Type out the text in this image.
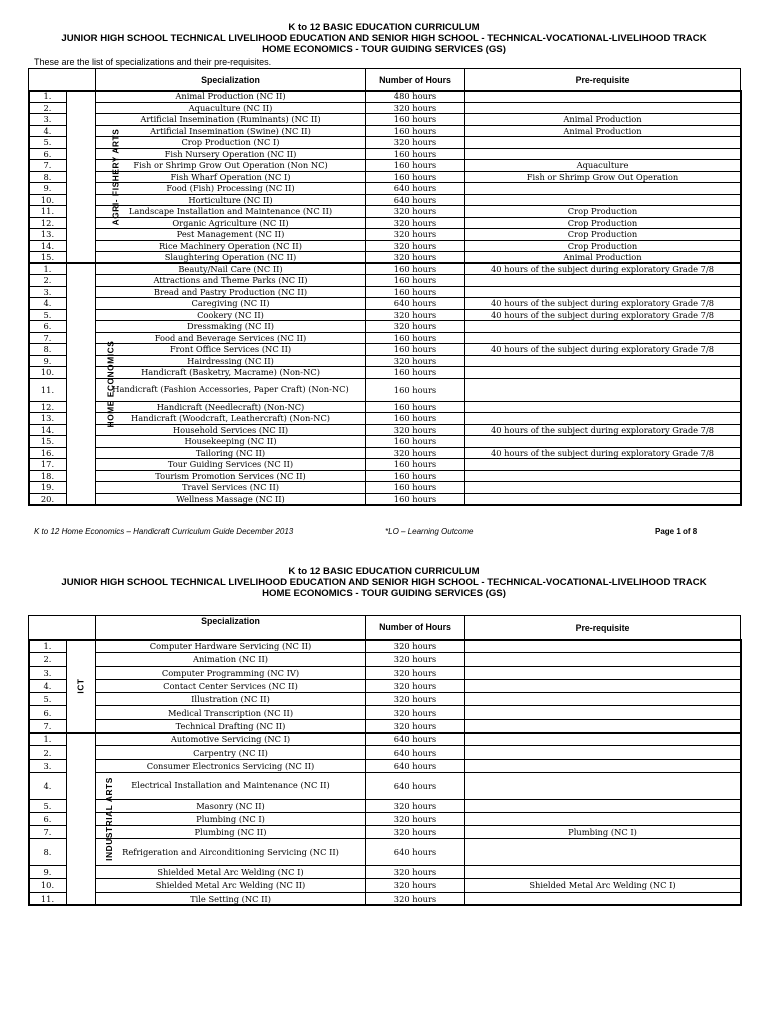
K to 12 BASIC EDUCATION CURRICULUM
JUNIOR HIGH SCHOOL TECHNICAL LIVELIHOOD EDUCATION AND SENIOR HIGH SCHOOL - TECHNICAL-VOCATIONAL-LIVELIHOOD TRACK
HOME ECONOMICS - TOUR GUIDING SERVICES (GS)
These are the list of specializations and their pre-requisites.
		Specialization	Number of Hours	Pre-requisite
1.	AGRI- FISHERY ARTS	Animal Production (NC II)	480 hours	
2.		Aquaculture (NC II)	320 hours	
3.		Artificial Insemination (Ruminants) (NC II)	160 hours	Animal Production
4.		Artificial Insemination (Swine) (NC II)	160 hours	Animal Production
5.		Crop Production (NC I)	320 hours	
6.		Fish Nursery Operation (NC II)	160 hours	
7.		Fish or Shrimp Grow Out Operation (Non NC)	160 hours	Aquaculture
8.		Fish Wharf Operation (NC I)	160 hours	Fish or Shrimp Grow Out Operation
9.		Food (Fish) Processing (NC II)	640 hours	
10.		Horticulture (NC II)	640 hours	
11.		Landscape Installation and Maintenance (NC II)	320 hours	Crop Production
12.		Organic Agriculture (NC II)	320 hours	Crop Production
13.		Pest Management (NC II)	320 hours	Crop Production
14.		Rice Machinery Operation (NC II)	320 hours	Crop Production
15.		Slaughtering Operation (NC II)	320 hours	Animal Production
1.	HOME ECONOMICS	Beauty/Nail Care (NC II)	160 hours	40 hours of the subject during exploratory Grade 7/8
2.		Attractions and Theme Parks (NC II)	160 hours	
3.		Bread and Pastry Production (NC II)	160 hours	
4.		Caregiving (NC II)	640 hours	40 hours of the subject during exploratory Grade 7/8
5.		Cookery (NC II)	320 hours	40 hours of the subject during exploratory Grade 7/8
6.		Dressmaking (NC II)	320 hours	
7.		Food and Beverage Services (NC II)	160 hours	
8.		Front Office Services (NC II)	160 hours	40 hours of the subject during exploratory Grade 7/8
9.		Hairdressing (NC II)	320 hours	
10.		Handicraft (Basketry, Macrame) (Non-NC)	160 hours	
11.		Handicraft (Fashion Accessories, Paper Craft) (Non-NC)	160 hours	
12.		Handicraft (Needlecraft) (Non-NC)	160 hours	
13.		Handicraft (Woodcraft, Leathercraft) (Non-NC)	160 hours	
14.		Household Services (NC II)	320 hours	40 hours of the subject during exploratory Grade 7/8
15.		Housekeeping (NC II)	160 hours	
16.		Tailoring (NC II)	320 hours	40 hours of the subject during exploratory Grade 7/8
17.		Tour Guiding Services (NC II)	160 hours	
18.		Tourism Promotion Services (NC II)	160 hours	
19.		Travel Services (NC II)	160 hours	
20.		Wellness Massage (NC II)	160 hours	
K to 12 Home Economics – Handicraft Curriculum Guide December 2013	*LO – Learning Outcome	Page 1 of 8
K to 12 BASIC EDUCATION CURRICULUM
JUNIOR HIGH SCHOOL TECHNICAL LIVELIHOOD EDUCATION AND SENIOR HIGH SCHOOL - TECHNICAL-VOCATIONAL-LIVELIHOOD TRACK
HOME ECONOMICS - TOUR GUIDING SERVICES (GS)
		Specialization	Number of Hours	Pre-requisite
1.	ICT	Computer Hardware Servicing (NC II)	320 hours	
2.		Animation (NC II)	320 hours	
3.		Computer Programming (NC IV)	320 hours	
4.		Contact Center Services (NC II)	320 hours	
5.		Illustration (NC II)	320 hours	
6.		Medical Transcription (NC II)	320 hours	
7.		Technical Drafting (NC II)	320 hours	
1.	INDUSTRIAL ARTS	Automotive Servicing (NC I)	640 hours	
2.		Carpentry (NC II)	640 hours	
3.		Consumer Electronics Servicing (NC II)	640 hours	
4.		Electrical Installation and Maintenance (NC II)	640 hours	
5.		Masonry (NC II)	320 hours	
6.		Plumbing (NC I)	320 hours	
7.		Plumbing (NC II)	320 hours	Plumbing (NC I)
8.		Refrigeration and Airconditioning Servicing (NC II)	640 hours	
9.		Shielded Metal Arc Welding (NC I)	320 hours	
10.		Shielded Metal Arc Welding (NC II)	320 hours	Shielded Metal Arc Welding (NC I)
11.		Tile Setting (NC II)	320 hours	
